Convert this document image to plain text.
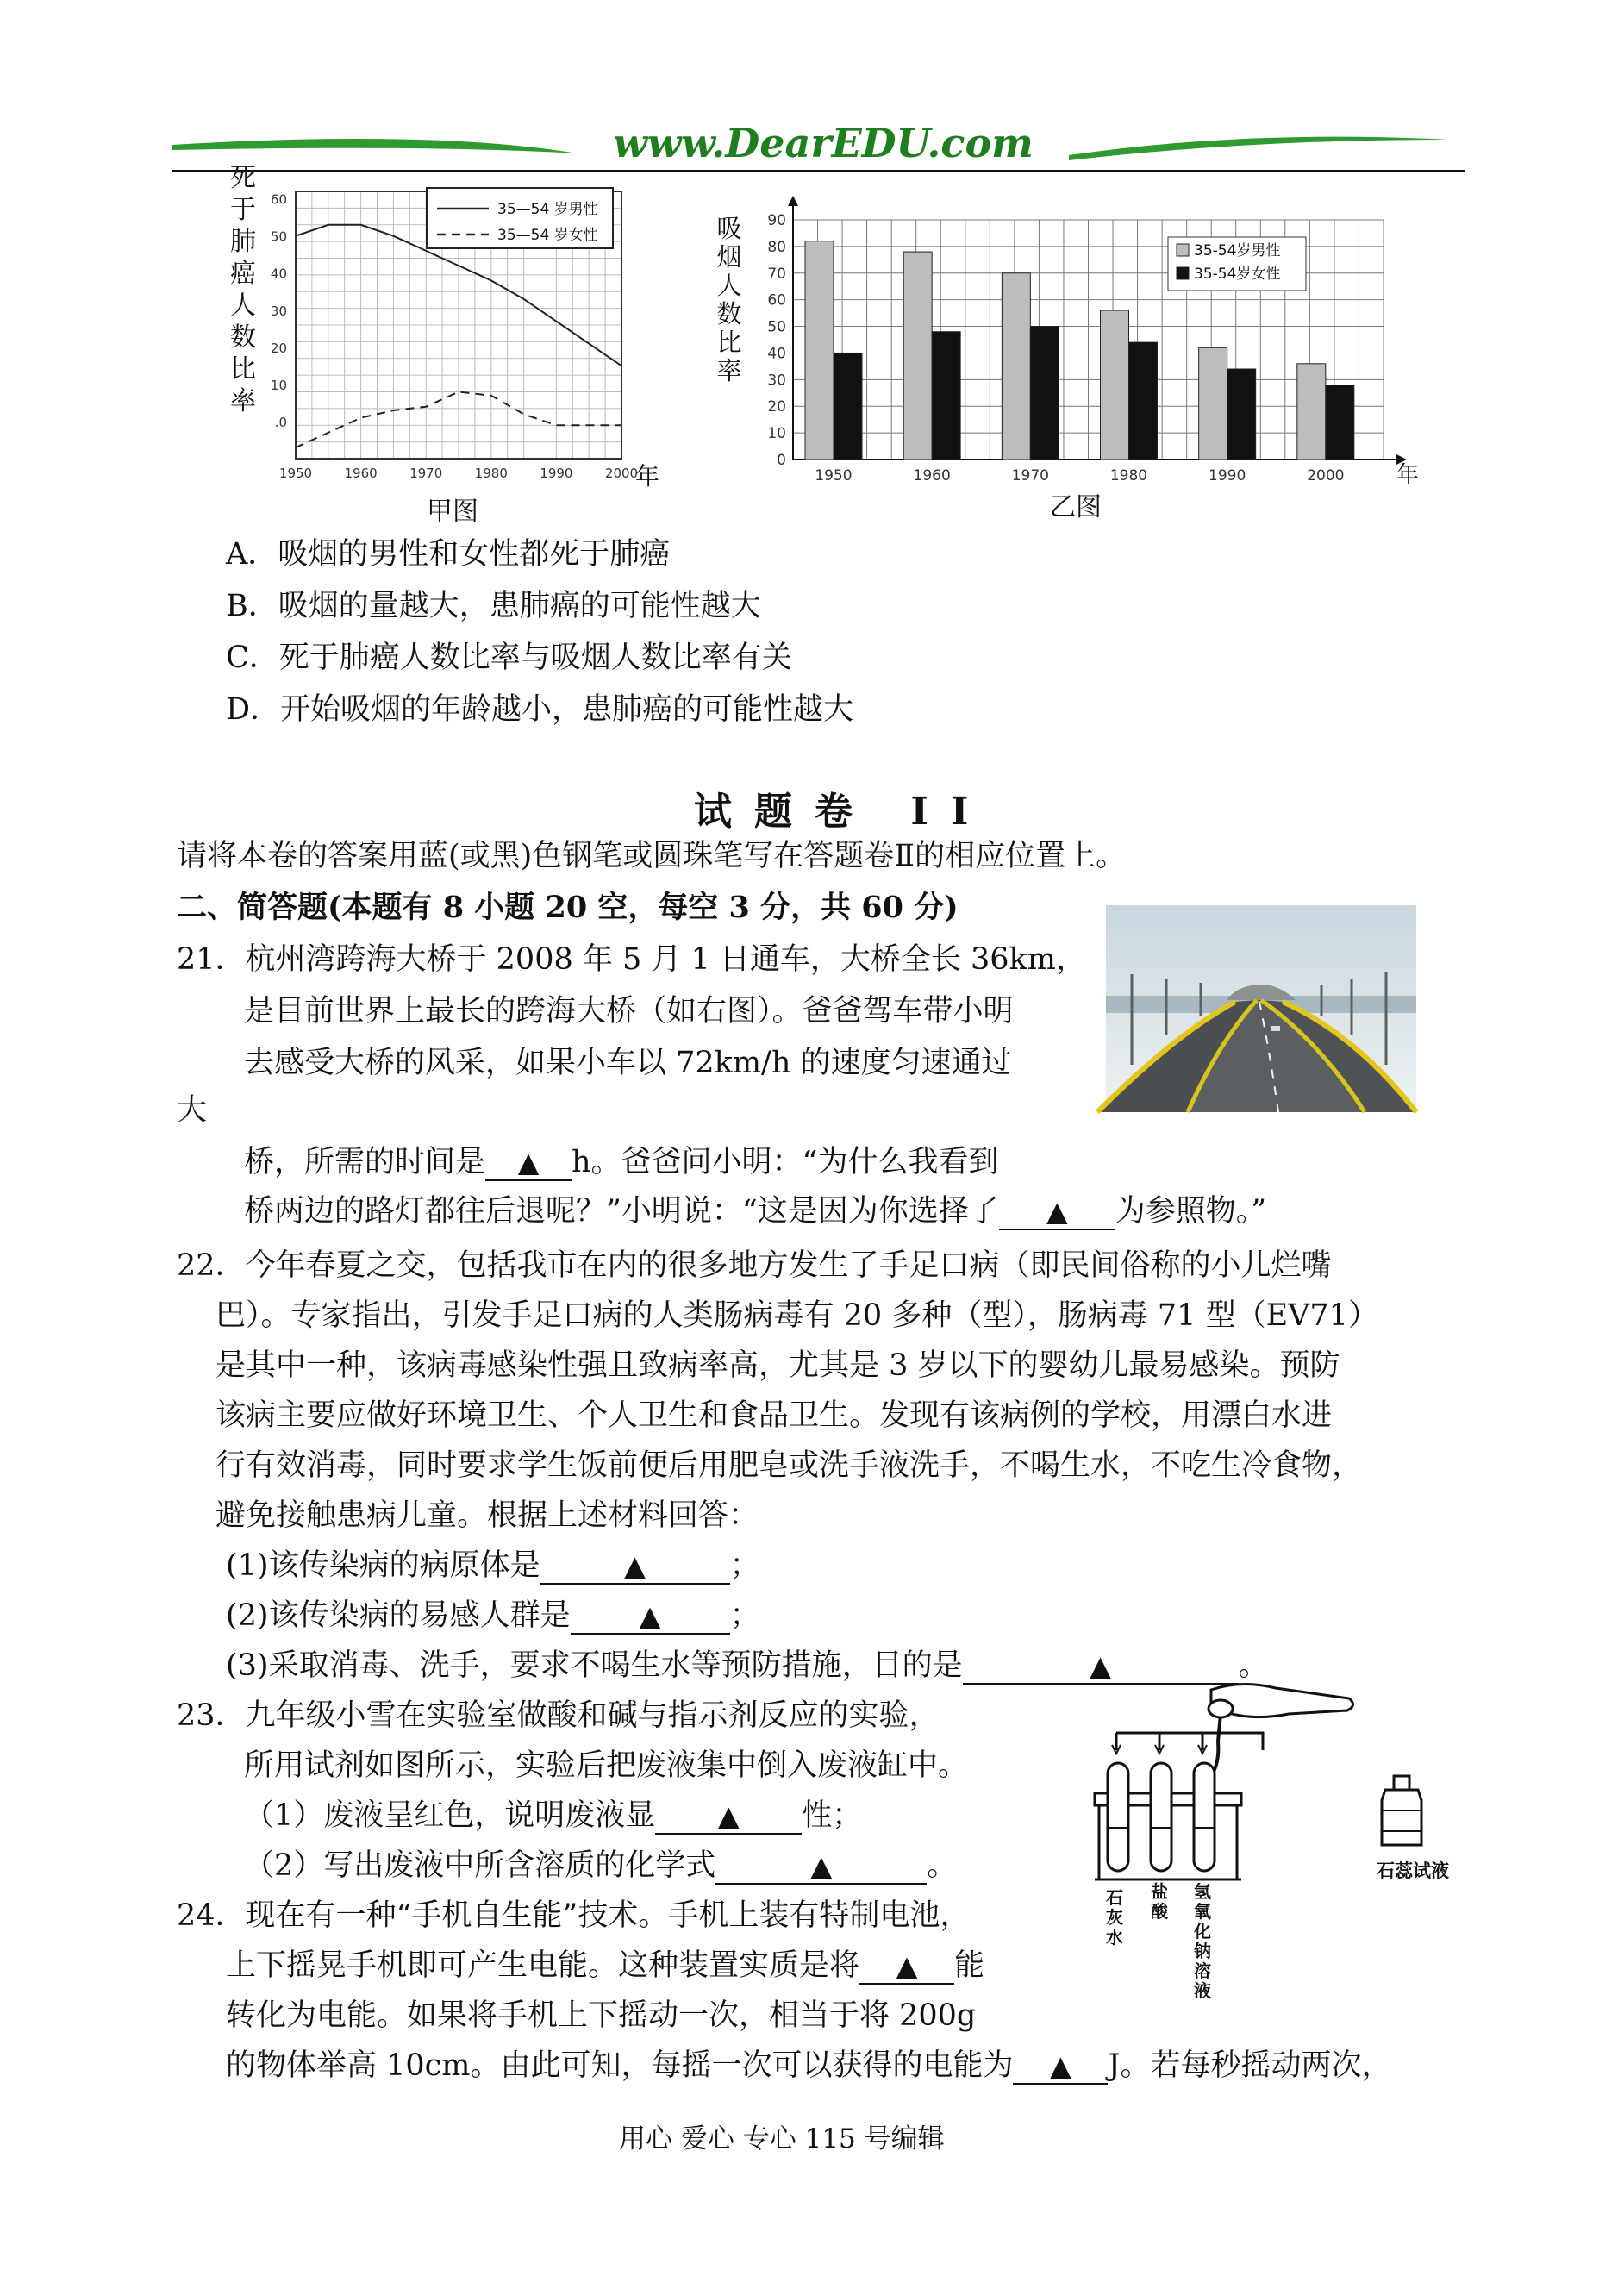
www.DearEDU.com
.0
10
20
30
40
50
60
1950 1960 1970 1980 1990 2000
年
死
于
肺
癌
人
数
比
率
35—54 岁男性
35—54 岁女性
甲图
0
10
20
30
40
50
60
70
80
90
1950	1960	1970	1980	1990	2000 年
吸
烟
人
数
比
率
35-54岁男性
35-54岁女性
乙图
A．吸烟的男性和女性都死于肺癌
B．吸烟的量越大，患肺癌的可能性越大
C．死于肺癌人数比率与吸烟人数比率有关
D．开始吸烟的年龄越小，患肺癌的可能性越大
试题卷 II
请将本卷的答案用蓝(或黑)色钢笔或圆珠笔写在答题卷Ⅱ的相应位置上。
二、简答题(本题有 8 小题 20 空，每空 3 分，共 60 分)
21．杭州湾跨海大桥于 2008 年 5 月 1 日通车，大桥全长 36km，
是目前世界上最长的跨海大桥（如右图）。爸爸驾车带小明
去感受大桥的风采，如果小车以 72km/h 的速度匀速通过
大
桥，所需的时间是 ▲ h。爸爸问小明：“为什么我看到
桥两边的路灯都往后退呢？”小明说：“这是因为你选择了 ▲ 为参照物。”
22．今年春夏之交，包括我市在内的很多地方发生了手足口病（即民间俗称的小儿烂嘴
巴）。专家指出，引发手足口病的人类肠病毒有 20 多种（型），肠病毒 71 型（EV71）
是其中一种，该病毒感染性强且致病率高，尤其是 3 岁以下的婴幼儿最易感染。预防
该病主要应做好环境卫生、个人卫生和食品卫生。发现有该病例的学校，用漂白水进
行有效消毒，同时要求学生饭前便后用肥皂或洗手液洗手，不喝生水，不吃生冷食物，
避免接触患病儿童。根据上述材料回答：
(1)该传染病的病原体是	▲	；
(2)该传染病的易感人群是	▲ ；
(3)采取消毒、洗手，要求不喝生水等预防措施，目的是	▲	。
23．九年级小雪在实验室做酸和碱与指示剂反应的实验，
所用试剂如图所示，实验后把废液集中倒入废液缸中。
（1）废液呈红色，说明废液显 ▲ 性；
（2）写出废液中所含溶质的化学式	▲	。	石蕊试液
石灰水
盐酸
氢氧化钠溶液
24．现在有一种“手机自生能”技术。手机上装有特制电池，
上下摇晃手机即可产生电能。这种装置实质是将 ▲ 能
转化为电能。如果将手机上下摇动一次，相当于将 200g
的物体举高 10cm。由此可知，每摇一次可以获得的电能为 ▲ J。若每秒摇动两次，
用心 爱心 专心 115 号编辑
